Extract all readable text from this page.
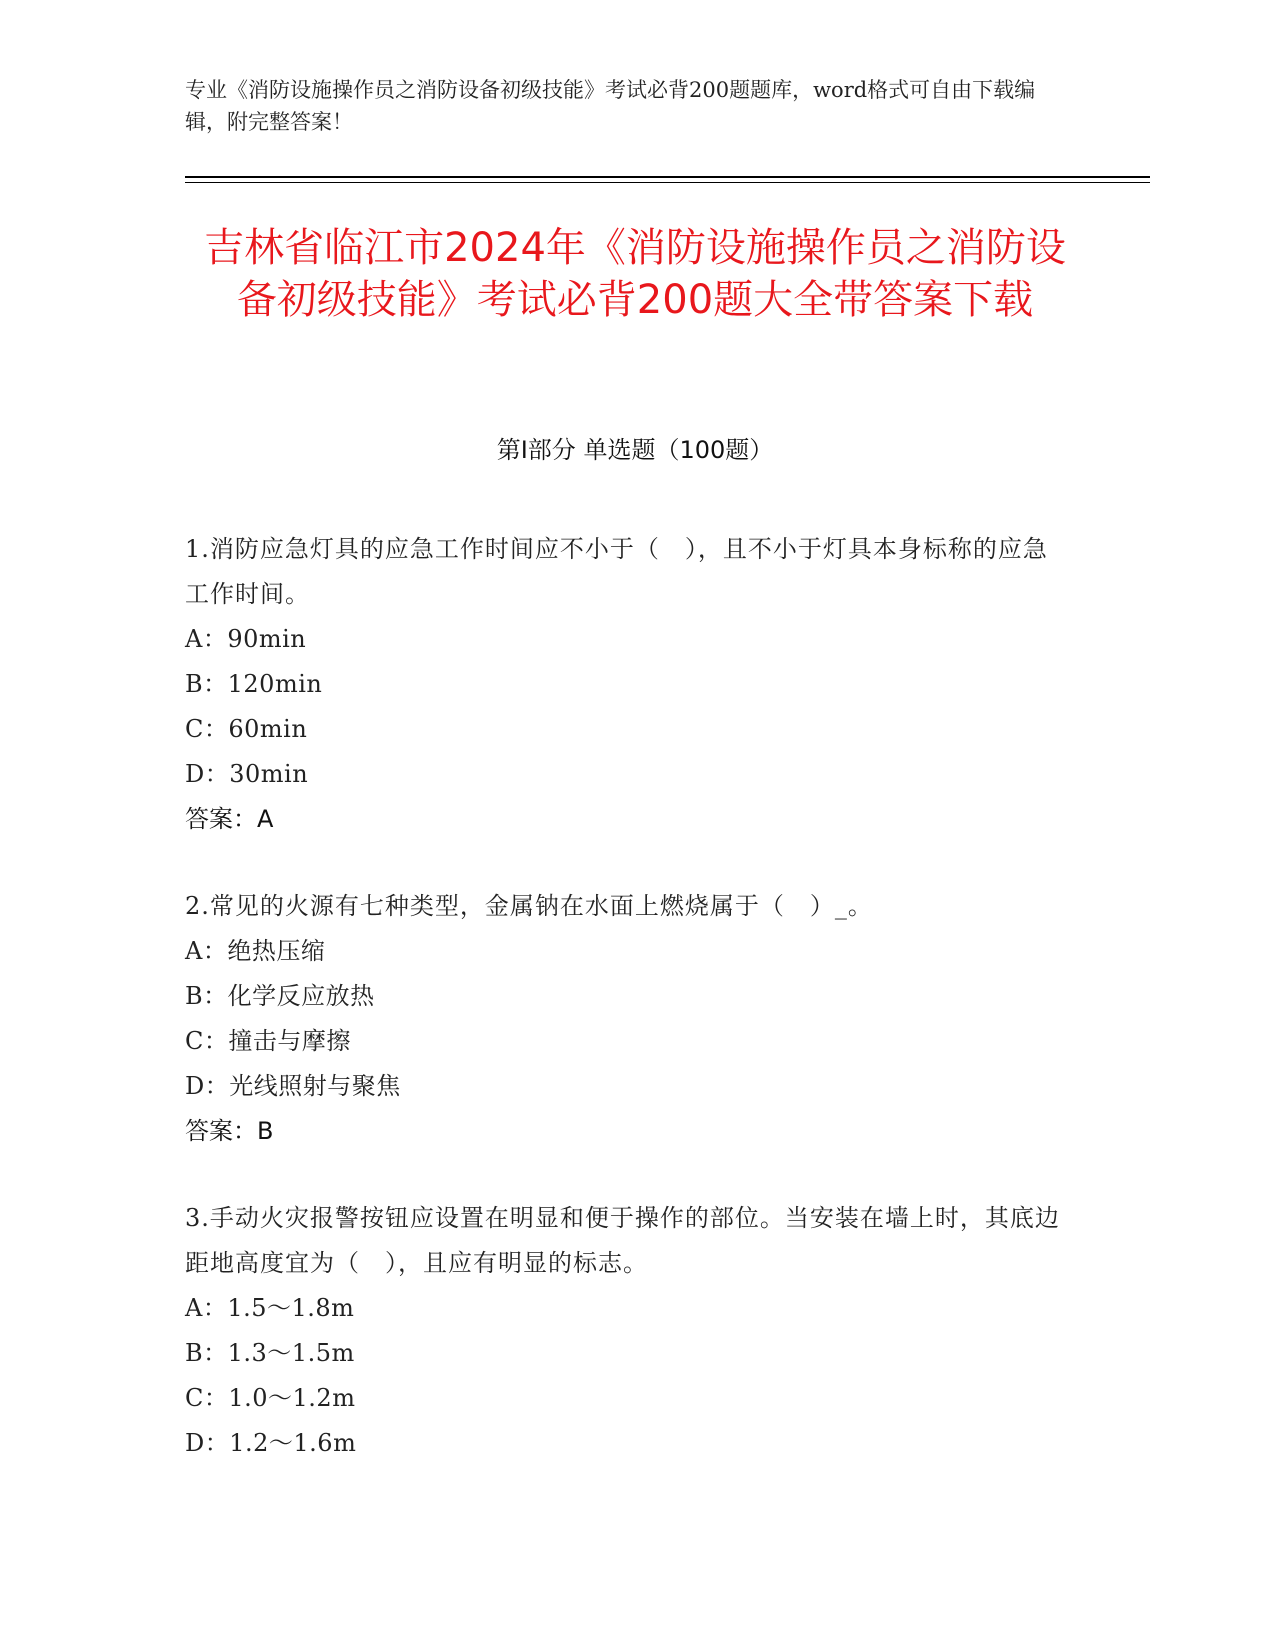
专业《消防设施操作员之消防设备初级技能》考试必背200题题库，word格式可自由下载编辑，附完整答案！
吉林省临江市2024年《消防设施操作员之消防设备初级技能》考试必背200题大全带答案下载
第I部分 单选题（100题）
1.消防应急灯具的应急工作时间应不小于（　），且不小于灯具本身标称的应急工作时间。
A：90min
B：120min
C：60min
D：30min
答案：A
2.常见的火源有七种类型，金属钠在水面上燃烧属于（　）_。
A：绝热压缩
B：化学反应放热
C：撞击与摩擦
D：光线照射与聚焦
答案：B
3.手动火灾报警按钮应设置在明显和便于操作的部位。当安装在墙上时，其底边距地高度宜为（　），且应有明显的标志。
A：1.5～1.8m
B：1.3～1.5m
C：1.0～1.2m
D：1.2～1.6m
